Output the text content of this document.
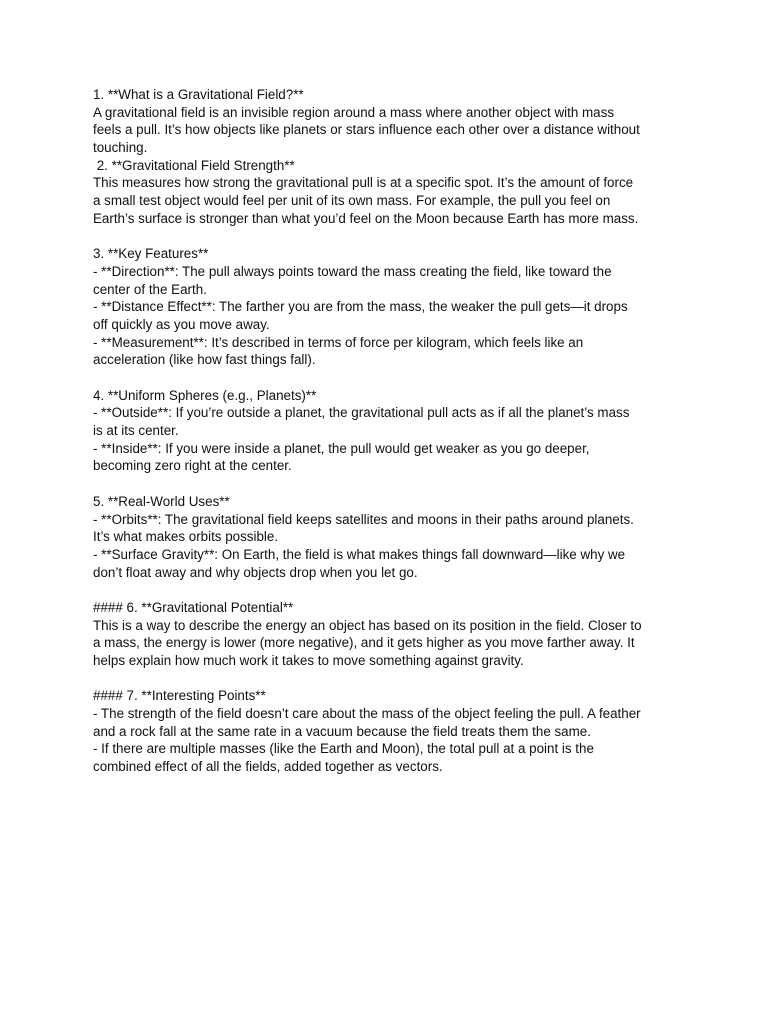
1. **What is a Gravitational Field?**
A gravitational field is an invisible region around a mass where another object with mass
feels a pull. It’s how objects like planets or stars influence each other over a distance without
touching.
2. **Gravitational Field Strength**
This measures how strong the gravitational pull is at a specific spot. It’s the amount of force
a small test object would feel per unit of its own mass. For example, the pull you feel on
Earth’s surface is stronger than what you’d feel on the Moon because Earth has more mass.
3. **Key Features**
- **Direction**: The pull always points toward the mass creating the field, like toward the
center of the Earth.
- **Distance Effect**: The farther you are from the mass, the weaker the pull gets—it drops
off quickly as you move away.
- **Measurement**: It’s described in terms of force per kilogram, which feels like an
acceleration (like how fast things fall).
4. **Uniform Spheres (e.g., Planets)**
- **Outside**: If you’re outside a planet, the gravitational pull acts as if all the planet’s mass
is at its center.
- **Inside**: If you were inside a planet, the pull would get weaker as you go deeper,
becoming zero right at the center.
5. **Real-World Uses**
- **Orbits**: The gravitational field keeps satellites and moons in their paths around planets.
It’s what makes orbits possible.
- **Surface Gravity**: On Earth, the field is what makes things fall downward—like why we
don’t float away and why objects drop when you let go.
#### 6. **Gravitational Potential**
This is a way to describe the energy an object has based on its position in the field. Closer to
a mass, the energy is lower (more negative), and it gets higher as you move farther away. It
helps explain how much work it takes to move something against gravity.
#### 7. **Interesting Points**
- The strength of the field doesn’t care about the mass of the object feeling the pull. A feather
and a rock fall at the same rate in a vacuum because the field treats them the same.
- If there are multiple masses (like the Earth and Moon), the total pull at a point is the
combined effect of all the fields, added together as vectors.
